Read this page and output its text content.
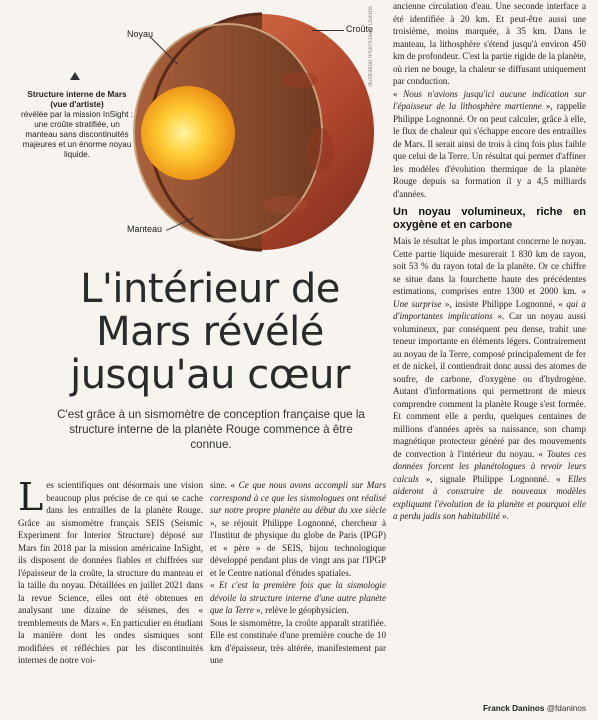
Noyau	Croûte
Manteau
Structure interne de Mars (vue d'artiste)
révélée par la mission InSight : une croûte stratifiée, un manteau sans discontinuités majeures et un énorme noyau liquide.
illustration IPGP/David Ducros
L'intérieur de Mars révélé jusqu'au cœur
C'est grâce à un sismomètre de conception française que la structure interne de la planète Rouge commence à être connue.

Les scientifiques ont désormais une vision beaucoup plus précise de ce qui se cache dans les entrailles de la planète Rouge. Grâce au sismomètre français SEIS (Seismic Experiment for Interior Structure) déposé sur Mars fin 2018 par la mission américaine InSight, ils disposent de données fiables et chiffrées sur l'épaisseur de la croûte, la structure du manteau et la taille du noyau. Détaillées en juillet 2021 dans la revue Science, elles ont été obtenues en analysant une dizaine de séismes, des « tremblements de Mars ». En particulier en étudiant la manière dont les ondes sismiques sont modifiées et réfléchies par les discontinuités internes de notre voi-

sine. « Ce que nous avons accompli sur Mars correspond à ce que les sismologues ont réalisé sur notre propre planète au début du xxe siècle », se réjouit Philippe Lognonné, chercheur à l'Institut de physique du globe de Paris (IPGP) et « père » de SEIS, bijou technologique développé pendant plus de vingt ans par l'IPGP et le Centre national d'études spatiales.

« Et c'est la première fois que la sismologie dévoile la structure interne d'une autre planète que la Terre », relève le géophysicien.

Sous le sismomètre, la croûte apparaît stratifiée. Elle est constituée d'une première couche de 10 km d'épaisseur, très altérée, manifestement par une

ancienne circulation d'eau. Une seconde interface a été identifiée à 20 km. Et peut-être aussi une troisième, moins marquée, à 35 km. Dans le manteau, la lithosphère s'étend jusqu'à environ 450 km de profondeur. C'est la partie rigide de la planète, où rien ne bouge, la chaleur se diffusant uniquement par conduction.

« Nous n'avions jusqu'ici aucune indication sur l'épaisseur de la lithosphère martienne », rappelle Philippe Lognonné. Or on peut calculer, grâce à elle, le flux de chaleur qui s'échappe encore des entrailles de Mars. Il serait ainsi de trois à cinq fois plus faible que celui de la Terre. Un résultat qui permet d'affiner les modèles d'évolution thermique de la planète Rouge depuis sa formation il y a 4,5 milliards d'années.

Un noyau volumineux, riche en oxygène et en carbone

Mais le résultat le plus important concerne le noyau. Cette partie liquide mesurerait 1 830 km de rayon, soit 53 % du rayon total de la planète. Or ce chiffre se situe dans la fourchette haute des précédentes estimations, comprises entre 1300 et 2000 km. « Une surprise », insiste Philippe Lognonné, « qui a d'importantes implications ». Car un noyau aussi volumineux, par conséquent peu dense, trahit une teneur importante en éléments légers. Contrairement au noyau de la Terre, composé principalement de fer et de nickel, il contiendrait donc aussi des atomes de soufre, de carbone, d'oxygène ou d'hydrogène. Autant d'informations qui permettront de mieux comprendre comment la planète Rouge s'est formée. Et comment elle a perdu, quelques centaines de millions d'années après sa naissance, son champ magnétique protecteur généré par des mouvements de convection à l'intérieur du noyau. « Toutes ces données forcent les planétologues à revoir leurs calculs », signale Philippe Lognonné. « Elles aideront à construire de nouveaux modèles expliquant l'évolution de la planète et pourquoi elle a perdu jadis son habitabilité ».

Franck Daninos @fdaninos
